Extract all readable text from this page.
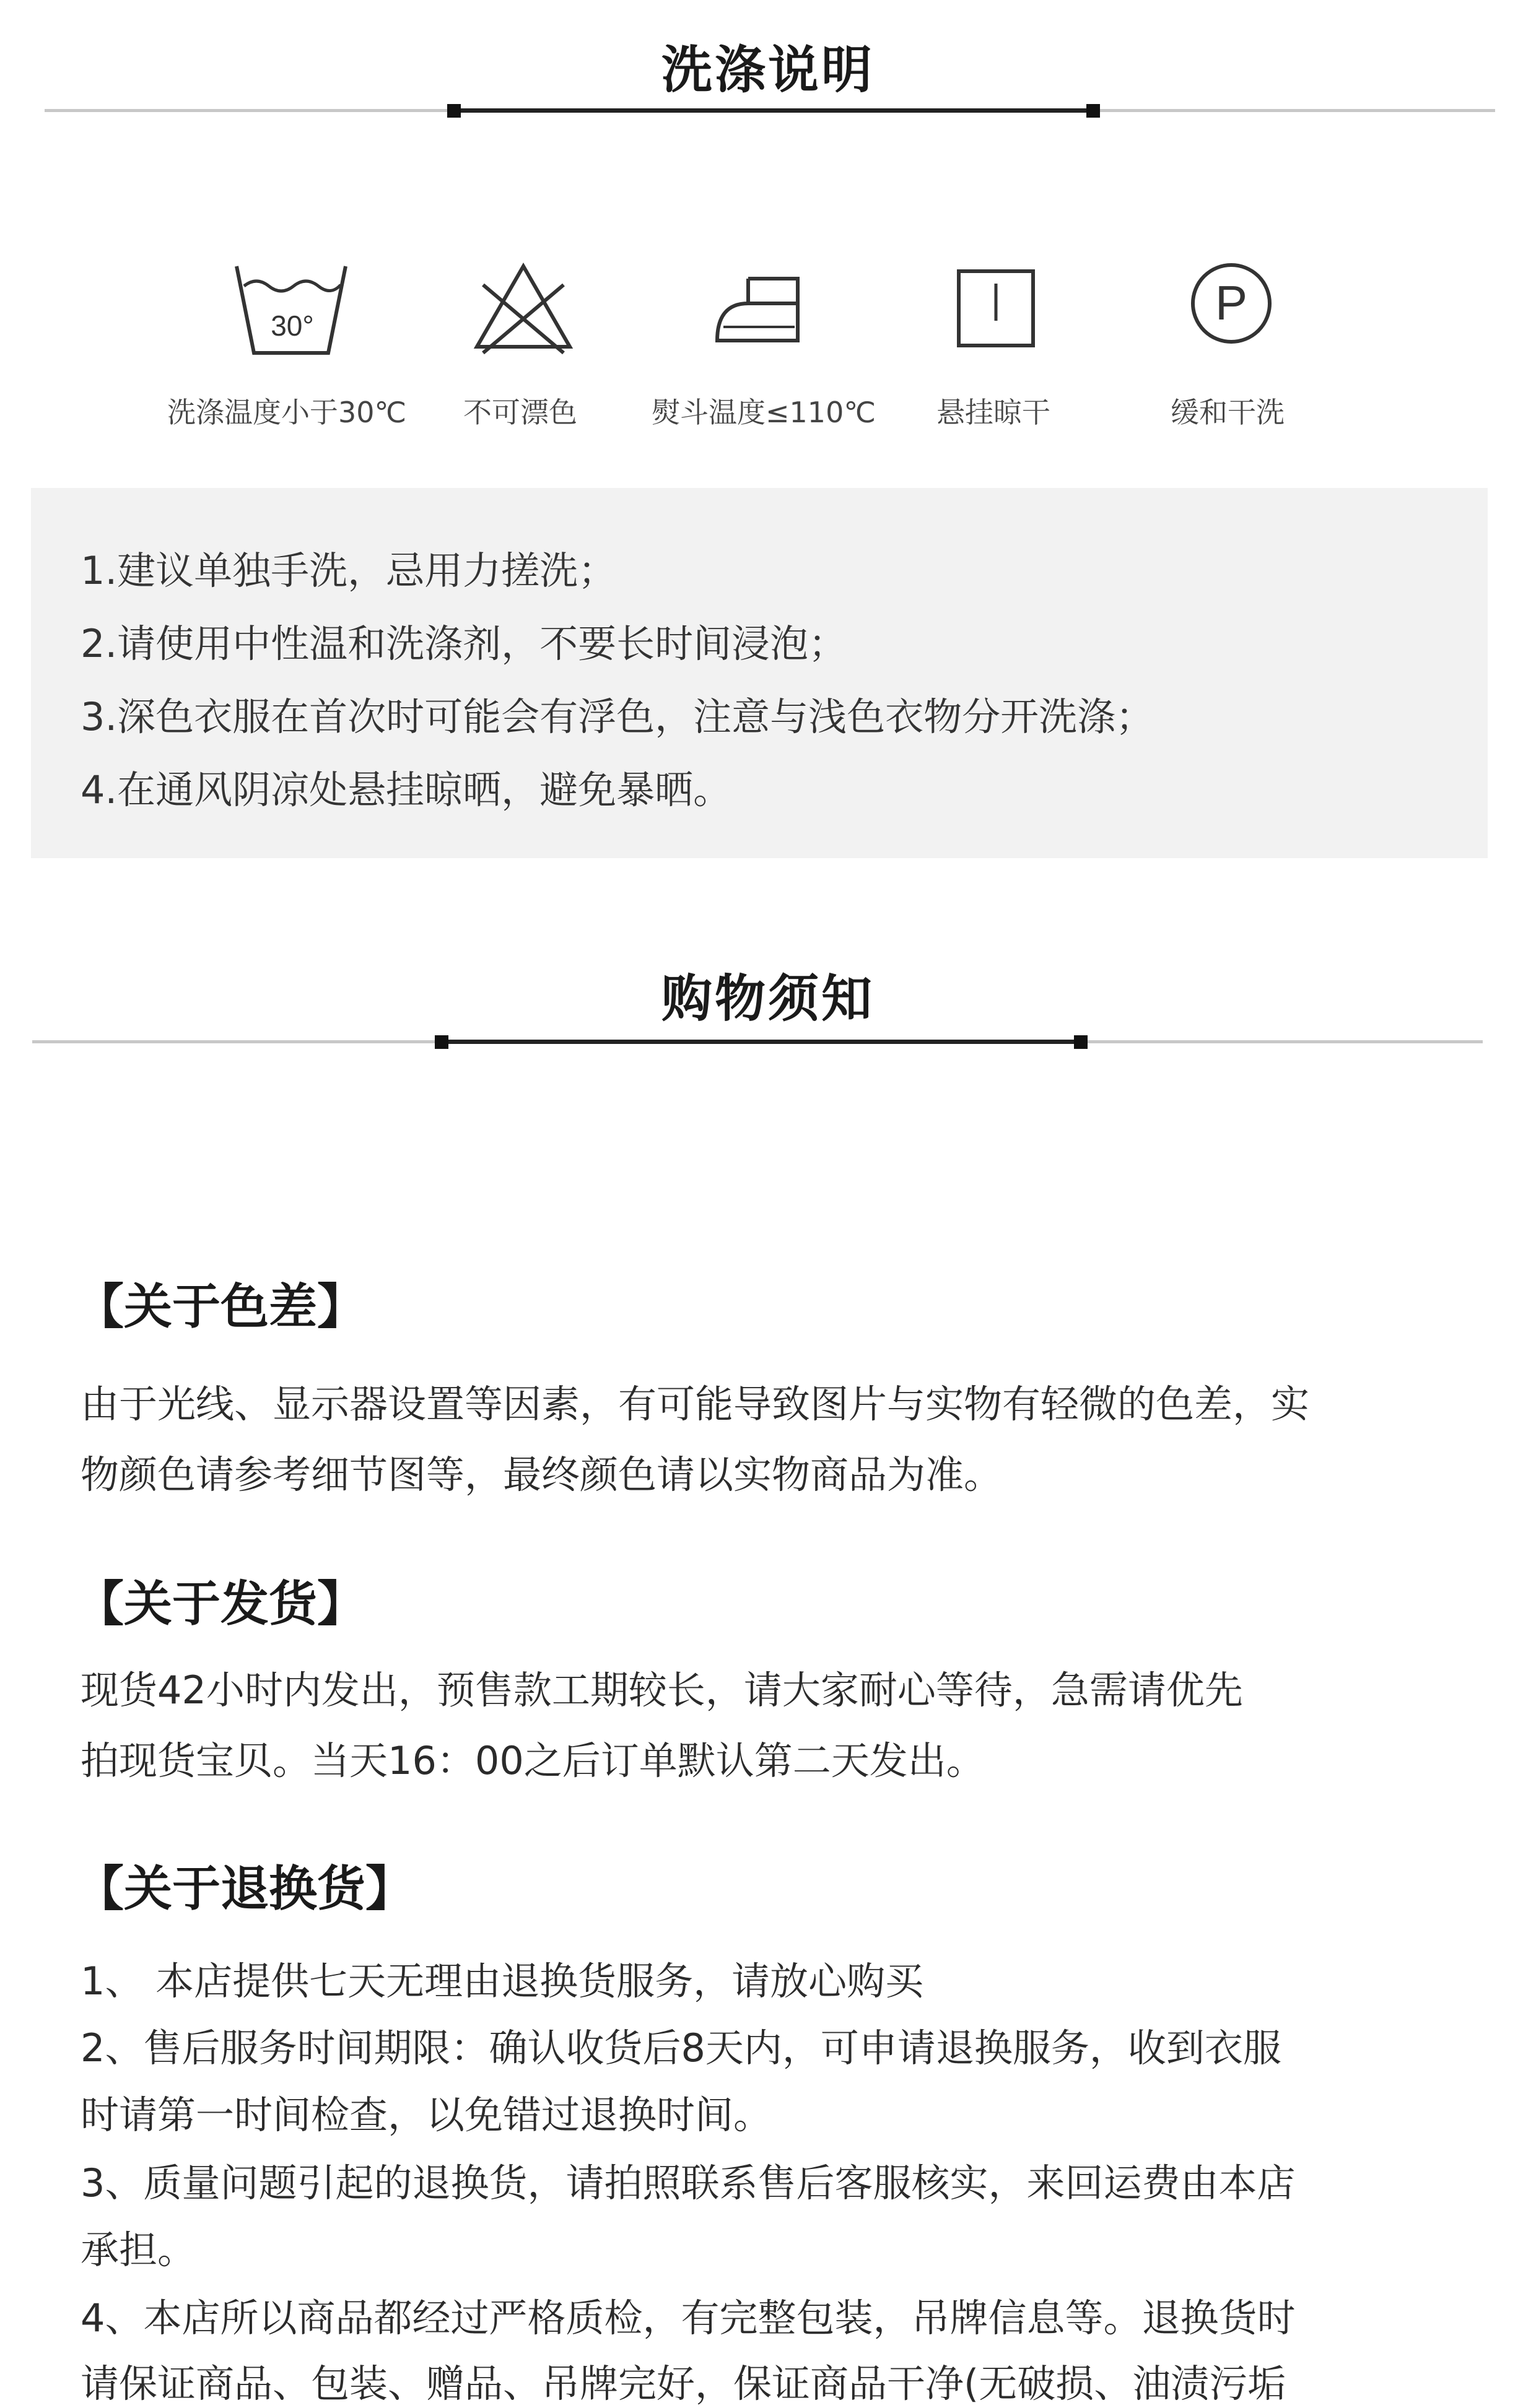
洗涤说明
30°	P
洗涤温度小于30℃ 不可漂色	熨斗温度≤110℃ 悬挂晾干	缓和干洗
1.建议单独手洗，忌用力搓洗；
2.请使用中性温和洗涤剂，不要长时间浸泡；
3.深色衣服在首次时可能会有浮色，注意与浅色衣物分开洗涤；
4.在通风阴凉处悬挂晾晒，避免暴晒。
购物须知
【关于色差】
由于光线、显示器设置等因素，有可能导致图片与实物有轻微的色差，实
物颜色请参考细节图等，最终颜色请以实物商品为准。
【关于发货】
现货42小时内发出，预售款工期较长，请大家耐心等待，急需请优先
拍现货宝贝。当天16：00之后订单默认第二天发出。
【关于退换货】
1、 本店提供七天无理由退换货服务，请放心购买
2、售后服务时间期限：确认收货后8天内，可申请退换服务，收到衣服
时请第一时间检查，以免错过退换时间。
3、质量问题引起的退换货，请拍照联系售后客服核实，来回运费由本店
承担。
4、本店所以商品都经过严格质检，有完整包装，吊牌信息等。退换货时
请保证商品、包装、赠品、吊牌完好，保证商品干净(无破损、油渍污垢
